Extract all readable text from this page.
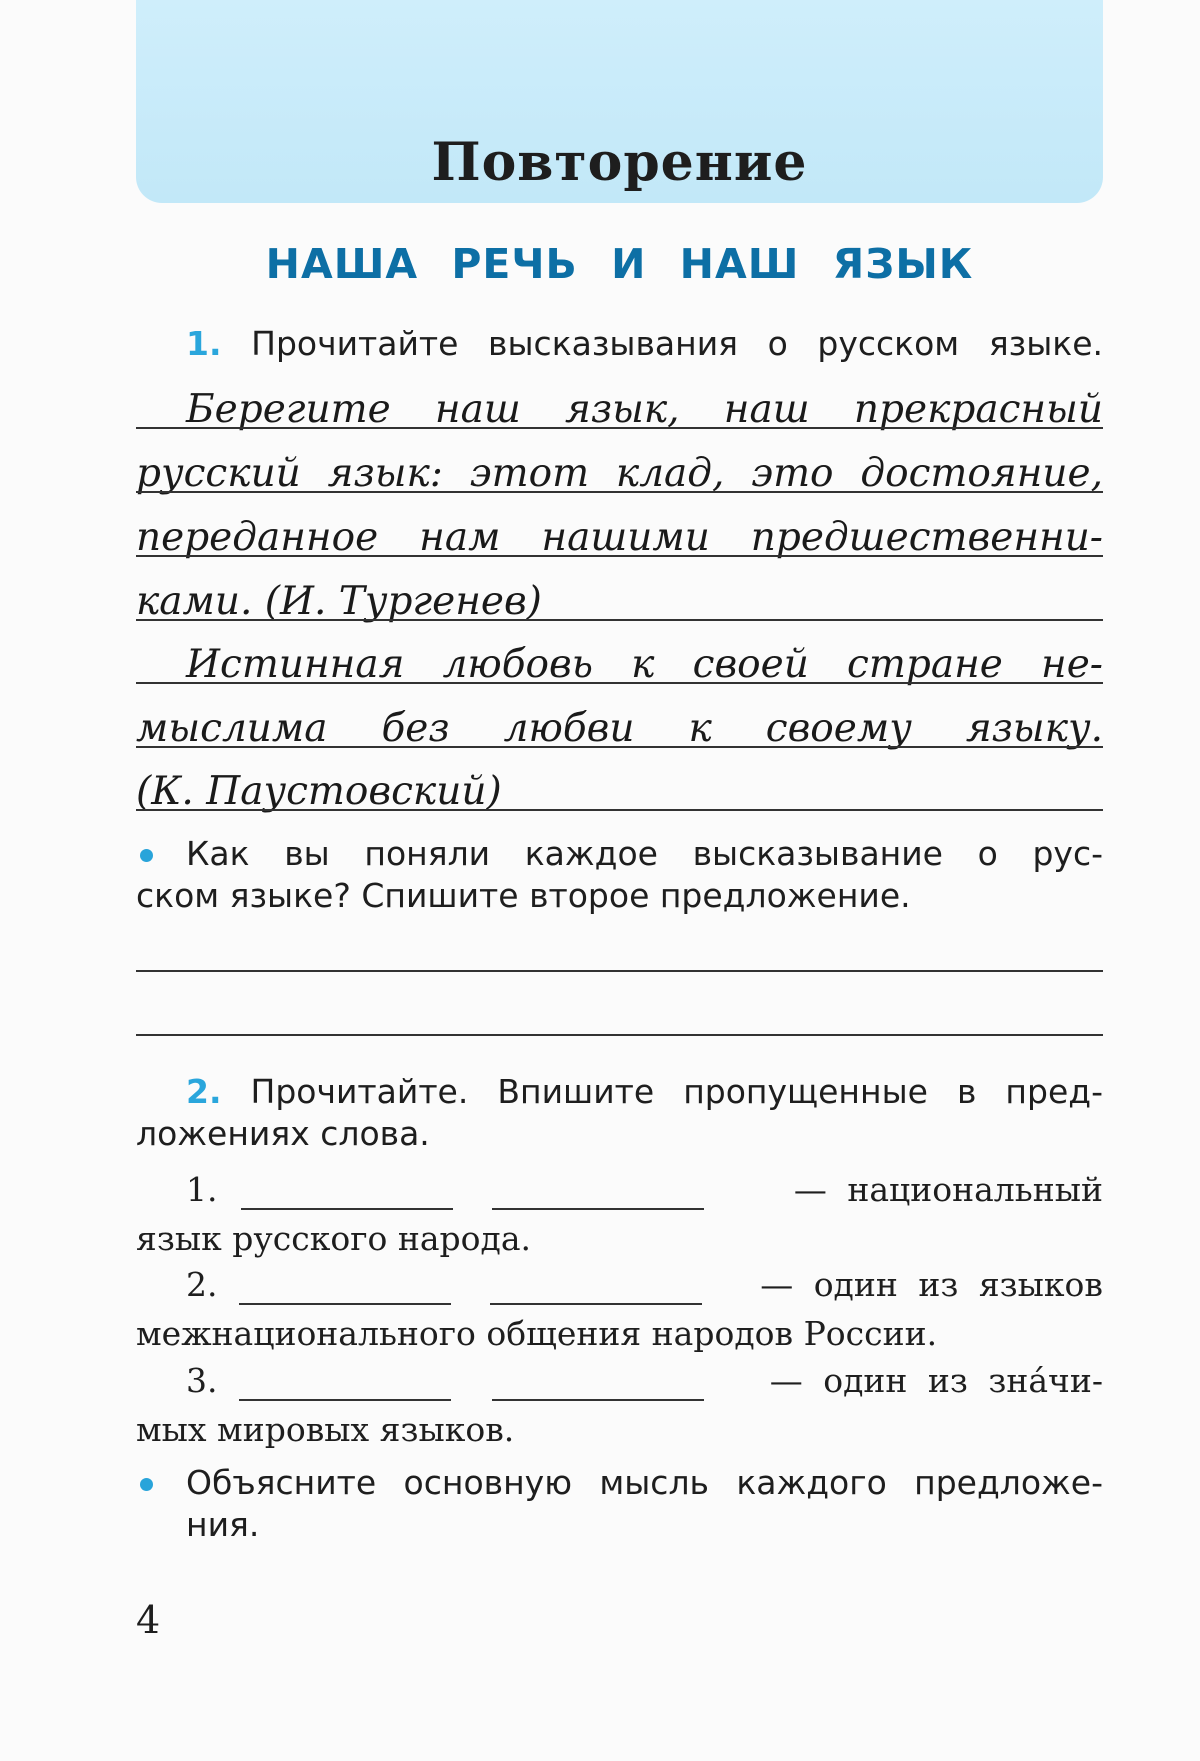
Повторение
НАША РЕЧЬ И НАШ ЯЗЫК
1. Прочитайте высказывания о русском языке.
Берегите наш язык, наш прекрасный
русский язык: этот клад, это достояние,
переданное нам нашими предшественни-
ками. (И. Тургенев)
Истинная любовь к своей стране не-
мыслима без любви к своему языку.
(К. Паустовский)
Как вы поняли каждое высказывание о рус-
ском языке? Спишите второе предложение.
2. Прочитайте. Впишите пропущенные в пред-
ложениях слова.
1.	— национальный
язык русского народа.
2.	— один из языков
межнационального общения народов России.
3.	— один из зна́чи-
мых мировых языков.
Объясните основную мысль каждого предложе-
ния.
4
